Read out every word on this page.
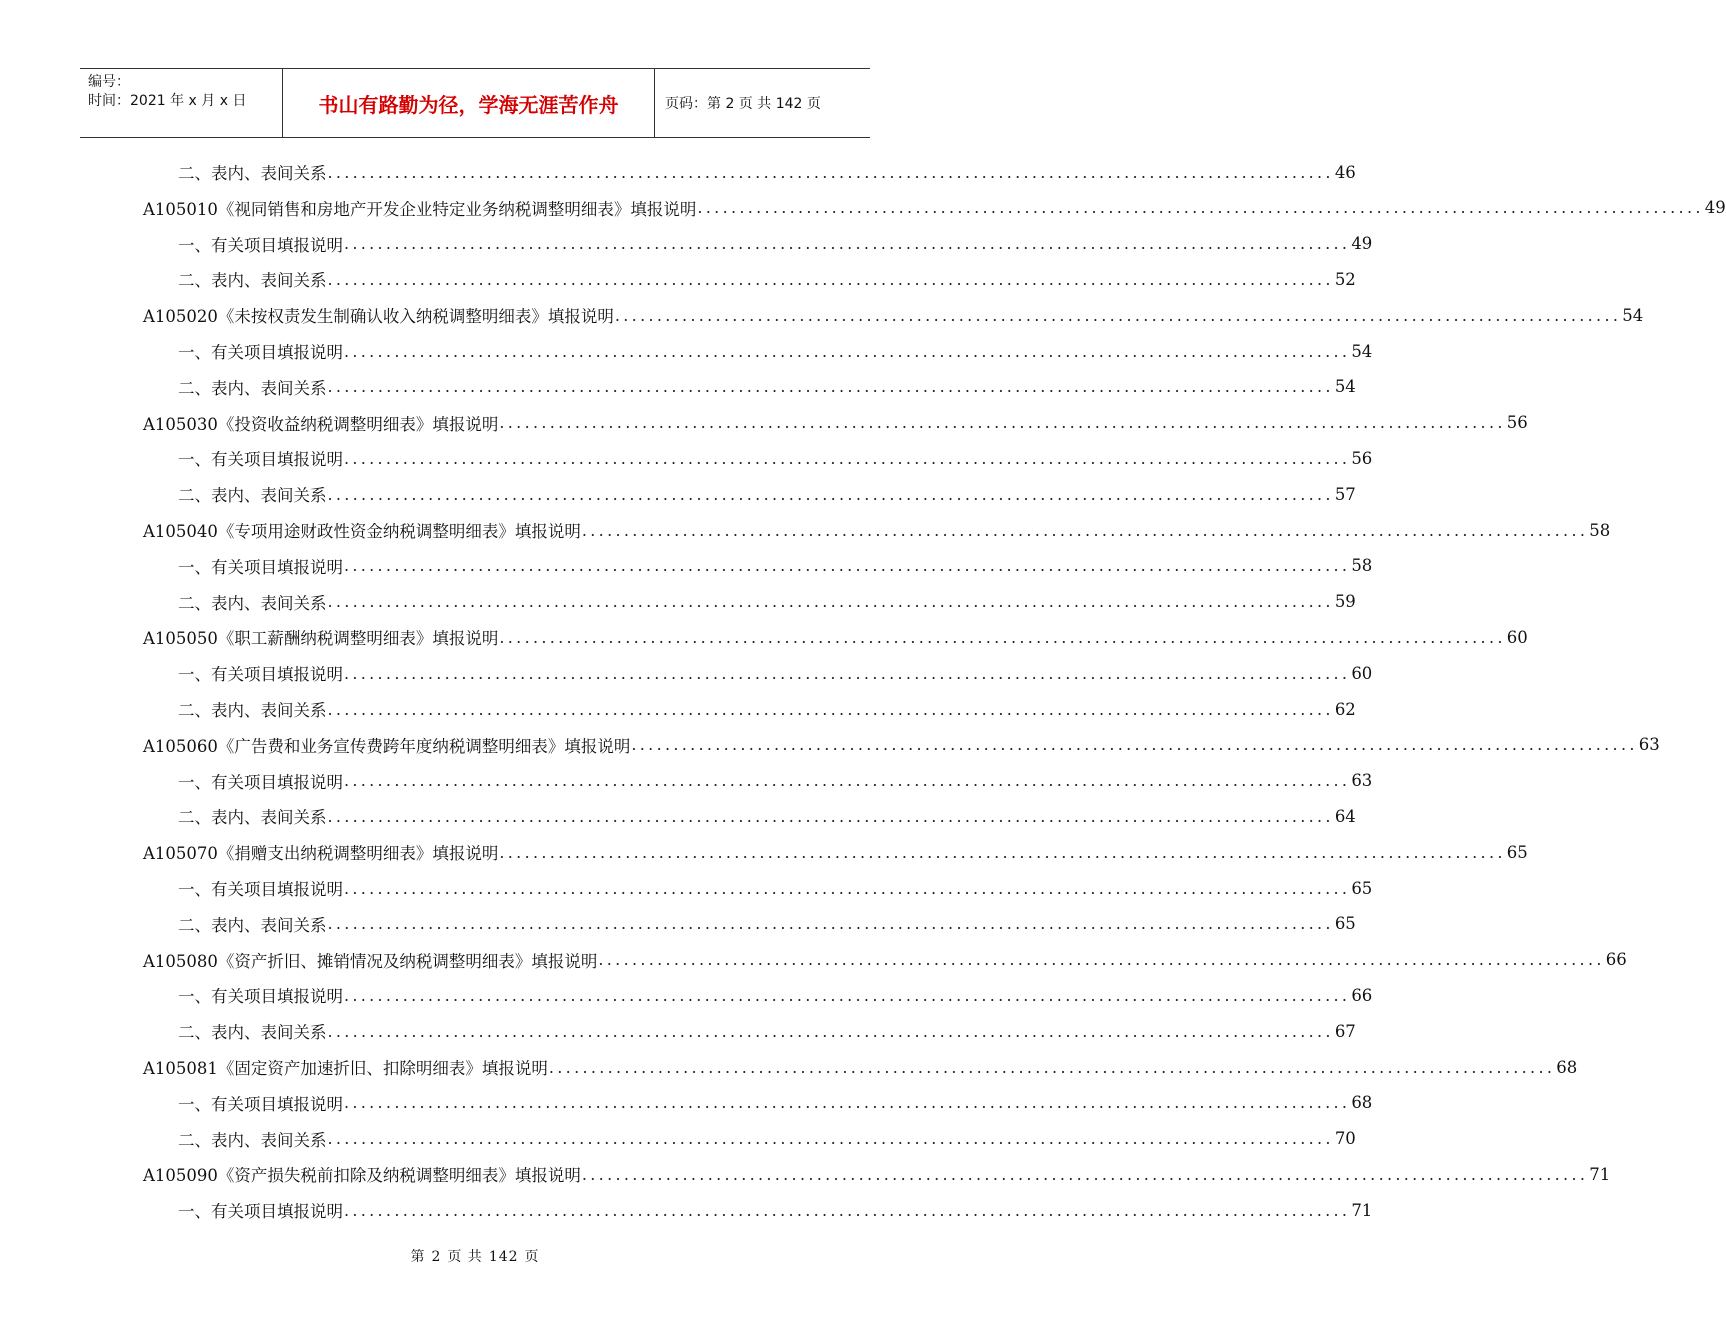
编号：
时间：2021 年 x 月 x 日	书山有路勤为径，学海无涯苦作舟	页码：第 2 页 共 142 页
二、表内、表间关系 ........................................................................................................................ 46
A105010《视同销售和房地产开发企业特定业务纳税调整明细表》填报说明 ........................................................................................................................ 49
一、有关项目填报说明 ........................................................................................................................ 49
二、表内、表间关系 ........................................................................................................................ 52
A105020《未按权责发生制确认收入纳税调整明细表》填报说明 ........................................................................................................................ 54
一、有关项目填报说明 ........................................................................................................................ 54
二、表内、表间关系 ........................................................................................................................ 54
A105030《投资收益纳税调整明细表》填报说明 ........................................................................................................................ 56
一、有关项目填报说明 ........................................................................................................................ 56
二、表内、表间关系 ........................................................................................................................ 57
A105040《专项用途财政性资金纳税调整明细表》填报说明 ........................................................................................................................ 58
一、有关项目填报说明 ........................................................................................................................ 58
二、表内、表间关系 ........................................................................................................................ 59
A105050《职工薪酬纳税调整明细表》填报说明 ........................................................................................................................ 60
一、有关项目填报说明 ........................................................................................................................ 60
二、表内、表间关系 ........................................................................................................................ 62
A105060《广告费和业务宣传费跨年度纳税调整明细表》填报说明 ........................................................................................................................ 63
一、有关项目填报说明 ........................................................................................................................ 63
二、表内、表间关系 ........................................................................................................................ 64
A105070《捐赠支出纳税调整明细表》填报说明 ........................................................................................................................ 65
一、有关项目填报说明 ........................................................................................................................ 65
二、表内、表间关系 ........................................................................................................................ 65
A105080《资产折旧、摊销情况及纳税调整明细表》填报说明 ........................................................................................................................ 66
一、有关项目填报说明 ........................................................................................................................ 66
二、表内、表间关系 ........................................................................................................................ 67
A105081《固定资产加速折旧、扣除明细表》填报说明 ........................................................................................................................ 68
一、有关项目填报说明 ........................................................................................................................ 68
二、表内、表间关系 ........................................................................................................................ 70
A105090《资产损失税前扣除及纳税调整明细表》填报说明 ........................................................................................................................ 71
一、有关项目填报说明 ........................................................................................................................ 71
第 2 页 共 142 页
